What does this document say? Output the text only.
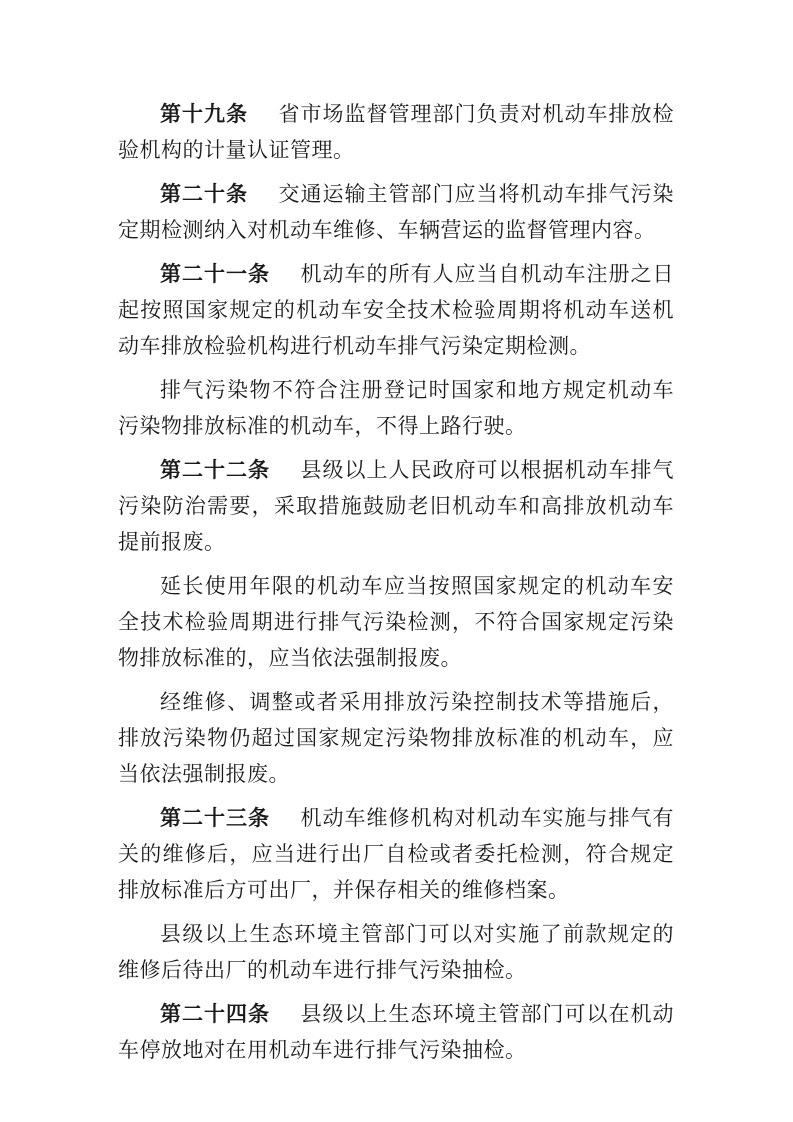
第十九条 省市场监督管理部门负责对机动车排放检验机构的计量认证管理。

第二十条 交通运输主管部门应当将机动车排气污染定期检测纳入对机动车维修、车辆营运的监督管理内容。

第二十一条 机动车的所有人应当自机动车注册之日起按照国家规定的机动车安全技术检验周期将机动车送机动车排放检验机构进行机动车排气污染定期检测。

排气污染物不符合注册登记时国家和地方规定机动车污染物排放标准的机动车，不得上路行驶。

第二十二条 县级以上人民政府可以根据机动车排气污染防治需要，采取措施鼓励老旧机动车和高排放机动车提前报废。

延长使用年限的机动车应当按照国家规定的机动车安全技术检验周期进行排气污染检测，不符合国家规定污染物排放标准的，应当依法强制报废。

经维修、调整或者采用排放污染控制技术等措施后，排放污染物仍超过国家规定污染物排放标准的机动车，应当依法强制报废。

第二十三条 机动车维修机构对机动车实施与排气有关的维修后，应当进行出厂自检或者委托检测，符合规定排放标准后方可出厂，并保存相关的维修档案。

县级以上生态环境主管部门可以对实施了前款规定的维修后待出厂的机动车进行排气污染抽检。

第二十四条 县级以上生态环境主管部门可以在机动车停放地对在用机动车进行排气污染抽检。
